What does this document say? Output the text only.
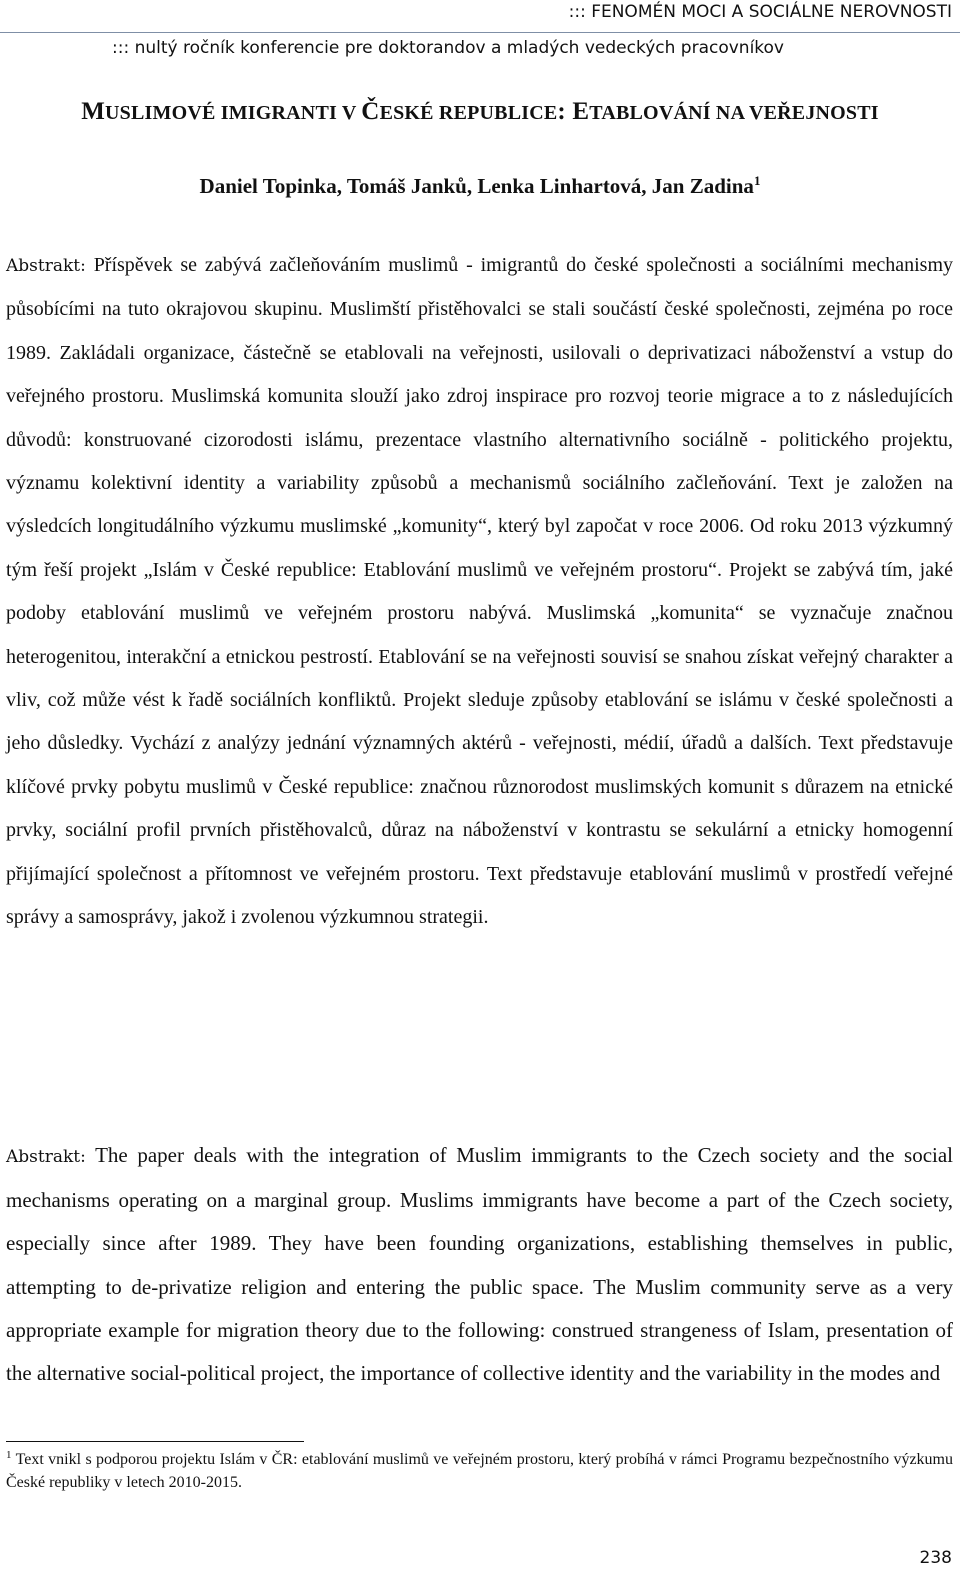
::: FENOMÉN MOCI A SOCIÁLNE NEROVNOSTI
::: nultý ročník konferencie pre doktorandov a mladých vedeckých pracovníkov
MUSLIMOVÉ IMIGRANTI V ČESKÉ REPUBLICE: ETABLOVÁNÍ NA VEŘEJNOSTI
Daniel Topinka, Tomáš Janků, Lenka Linhartová, Jan Zadina$^1$

Abstrakt: Příspěvek se zabývá začleňováním muslimů - imigrantů do české společnosti a sociálními mechanismy působícími na tuto okrajovou skupinu. Muslimští přistěhovalci se stali součástí české společnosti, zejména po roce 1989. Zakládali organizace, částečně se etablovali na veřejnosti, usilovali o deprivatizaci náboženství a vstup do veřejného prostoru. Muslimská komunita slouží jako zdroj inspirace pro rozvoj teorie migrace a to z následujících důvodů: konstruované cizorodosti islámu, prezentace vlastního alternativního sociálně - politického projektu, významu kolektivní identity a variability způsobů a mechanismů sociálního začleňování. Text je založen na výsledcích longitudálního výzkumu muslimské „komunity“, který byl započat v roce 2006. Od roku 2013 výzkumný tým řeší projekt „Islám v České republice: Etablování muslimů ve veřejném prostoru“. Projekt se zabývá tím, jaké podoby etablování muslimů ve veřejném prostoru nabývá. Muslimská „komunita“ se vyznačuje značnou heterogenitou, interakční a etnickou pestrostí. Etablování se na veřejnosti souvisí se snahou získat veřejný charakter a vliv, což může vést k řadě sociálních konfliktů. Projekt sleduje způsoby etablování se islámu v české společnosti a jeho důsledky. Vychází z analýzy jednání významných aktérů - veřejnosti, médií, úřadů a dalších. Text představuje klíčové prvky pobytu muslimů v České republice: značnou různorodost muslimských komunit s důrazem na etnické prvky, sociální profil prvních přistěhovalců, důraz na náboženství v kontrastu se sekulární a etnicky homogenní přijímající společnost a přítomnost ve veřejném prostoru. Text představuje etablování muslimů v prostředí veřejné správy a samosprávy, jakož i zvolenou výzkumnou strategii.

Abstrakt: The paper deals with the integration of Muslim immigrants to the Czech society and the social mechanisms operating on a marginal group. Muslims immigrants have become a part of the Czech society, especially since after 1989. They have been founding organizations, establishing themselves in public, attempting to de-privatize religion and entering the public space. The Muslim community serve as a very appropriate example for migration theory due to the following: construed strangeness of Islam, presentation of the alternative social-political project, the importance of collective identity and the variability in the modes and

$^1$ Text vnikl s podporou projektu Islám v ČR: etablování muslimů ve veřejném prostoru, který probíhá v rámci Programu bezpečnostního výzkumu České republiky v letech 2010-2015.

238
